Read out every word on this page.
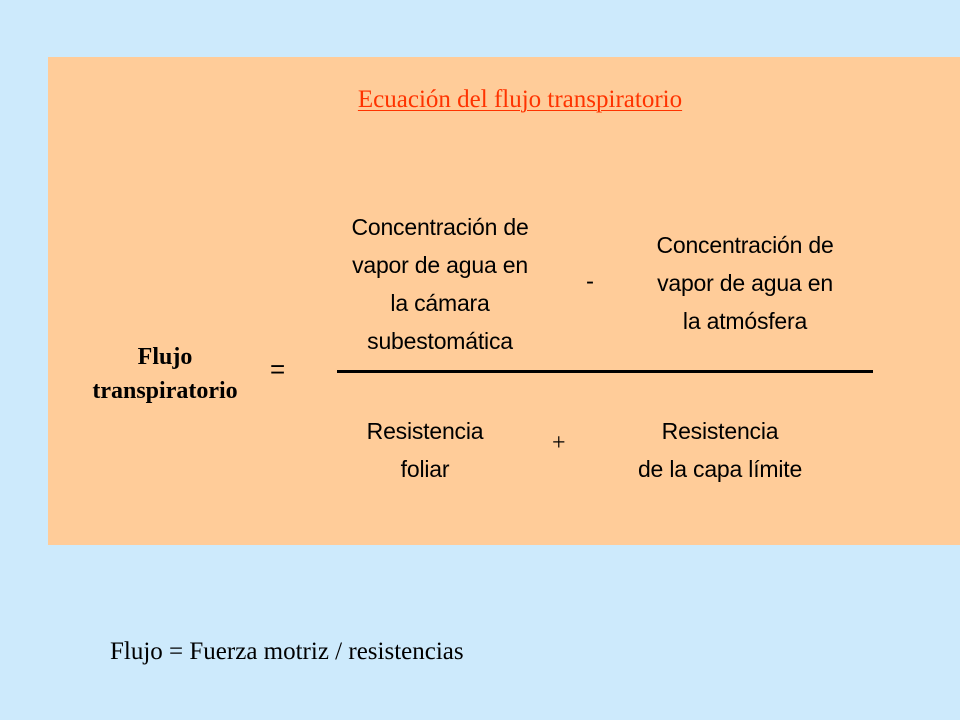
Ecuación del flujo transpiratorio
Concentración de
vapor de agua en
la cámara
subestomática
-
Concentración de
vapor de agua en
la atmósfera
Flujo
transpiratorio
=
Resistencia
foliar
+	Resistencia
de la capa límite
Flujo = Fuerza motriz / resistencias
